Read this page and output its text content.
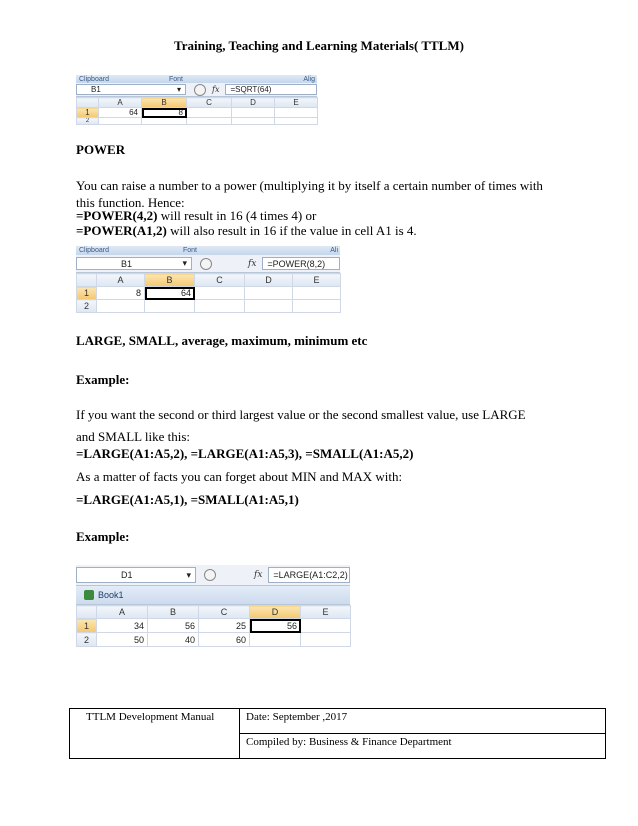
Training, Teaching and Learning Materials( TTLM)
Clipboard	Font	Alig
B1	▾	fx	=SQRT(64)
	A	B	C	D	E
1	64	8			
2					
POWER
You can raise a number to a power (multiplying it by itself a certain number of times with this function. Hence:
=POWER(4,2) will result in 16 (4 times 4) or
=POWER(A1,2) will also result in 16 if the value in cell A1 is 4.
Clipboard	Font	Ali
B1	▾	fx	=POWER(8,2)
	A	B	C	D	E
1	8	64			
2					
LARGE, SMALL, average, maximum, minimum etc
Example:
If you want the second or third largest value or the second smallest value, use LARGE and SMALL like this:
=LARGE(A1:A5,2), =LARGE(A1:A5,3), =SMALL(A1:A5,2)
As a matter of facts you can forget about MIN and MAX with:
=LARGE(A1:A5,1), =SMALL(A1:A5,1)
Example:
D1	▾	fx	=LARGE(A1:C2,2)
Book1
	A	B	C	D	E
1	34	56	25	56	
2	50	40	60		
TTLM Development Manual	Date: September ,2017
Compiled by: Business & Finance Department
